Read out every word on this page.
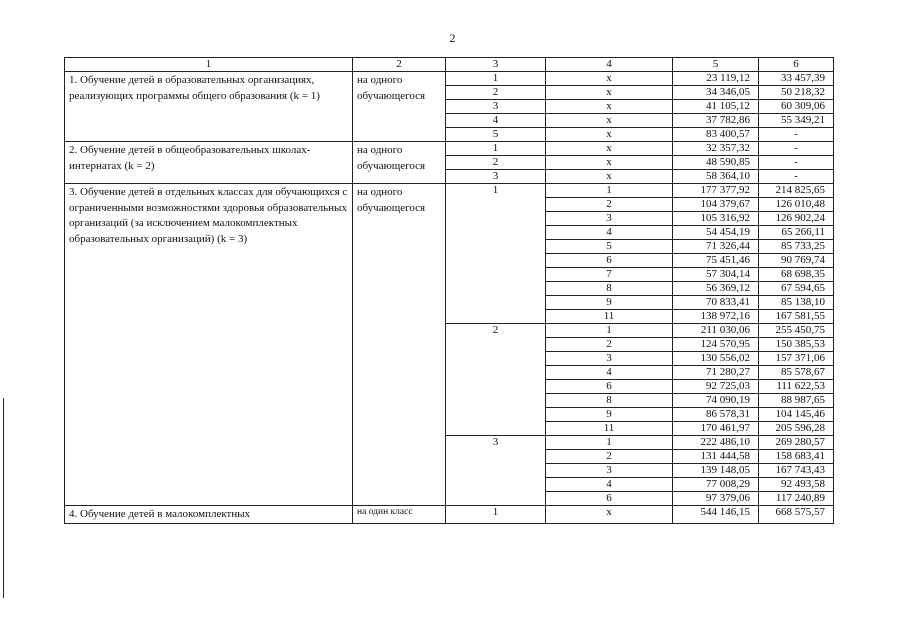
2
1	2	3	4	5	6
1. Обучение детей в образовательных организациях, реализующих программы общего образования (k = 1)	на одного обучающегося	1	х	23 119,12	33 457,39
		2	х	34 346,05	50 218,32
		3	х	41 105,12	60 309,06
		4	х	37 782,86	55 349,21
		5	х	83 400,57	-
2. Обучение детей в общеобразовательных школах-интернатах (k = 2)	на одного обучающегося	1	х	32 357,32	-
		2	х	48 590,85	-
		3	х	58 364,10	-
3. Обучение детей в отдельных классах для обучающихся с ограниченными возможностями здоровья образовательных организаций (за исключением малокомплектных образовательных организаций) (k = 3)	на одного обучающегося	1	1	177 377,92	214 825,65
			2	104 379,67	126 010,48
			3	105 316,92	126 902,24
			4	54 454,19	65 266,11
			5	71 326,44	85 733,25
			6	75 451,46	90 769,74
			7	57 304,14	68 698,35
			8	56 369,12	67 594,65
			9	70 833,41	85 138,10
			11	138 972,16	167 581,55
		2	1	211 030,06	255 450,75
			2	124 570,95	150 385,53
			3	130 556,02	157 371,06
			4	71 280,27	85 578,67
			6	92 725,03	111 622,53
			8	74 090,19	88 987,65
			9	86 578,31	104 145,46
			11	170 461,97	205 596,28
		3	1	222 486,10	269 280,57
			2	131 444,58	158 683,41
			3	139 148,05	167 743,43
			4	77 008,29	92 493,58
			6	97 379,06	117 240,89
4. Обучение детей в малокомплектных	на один класс	1	х	544 146,15	668 575,57
